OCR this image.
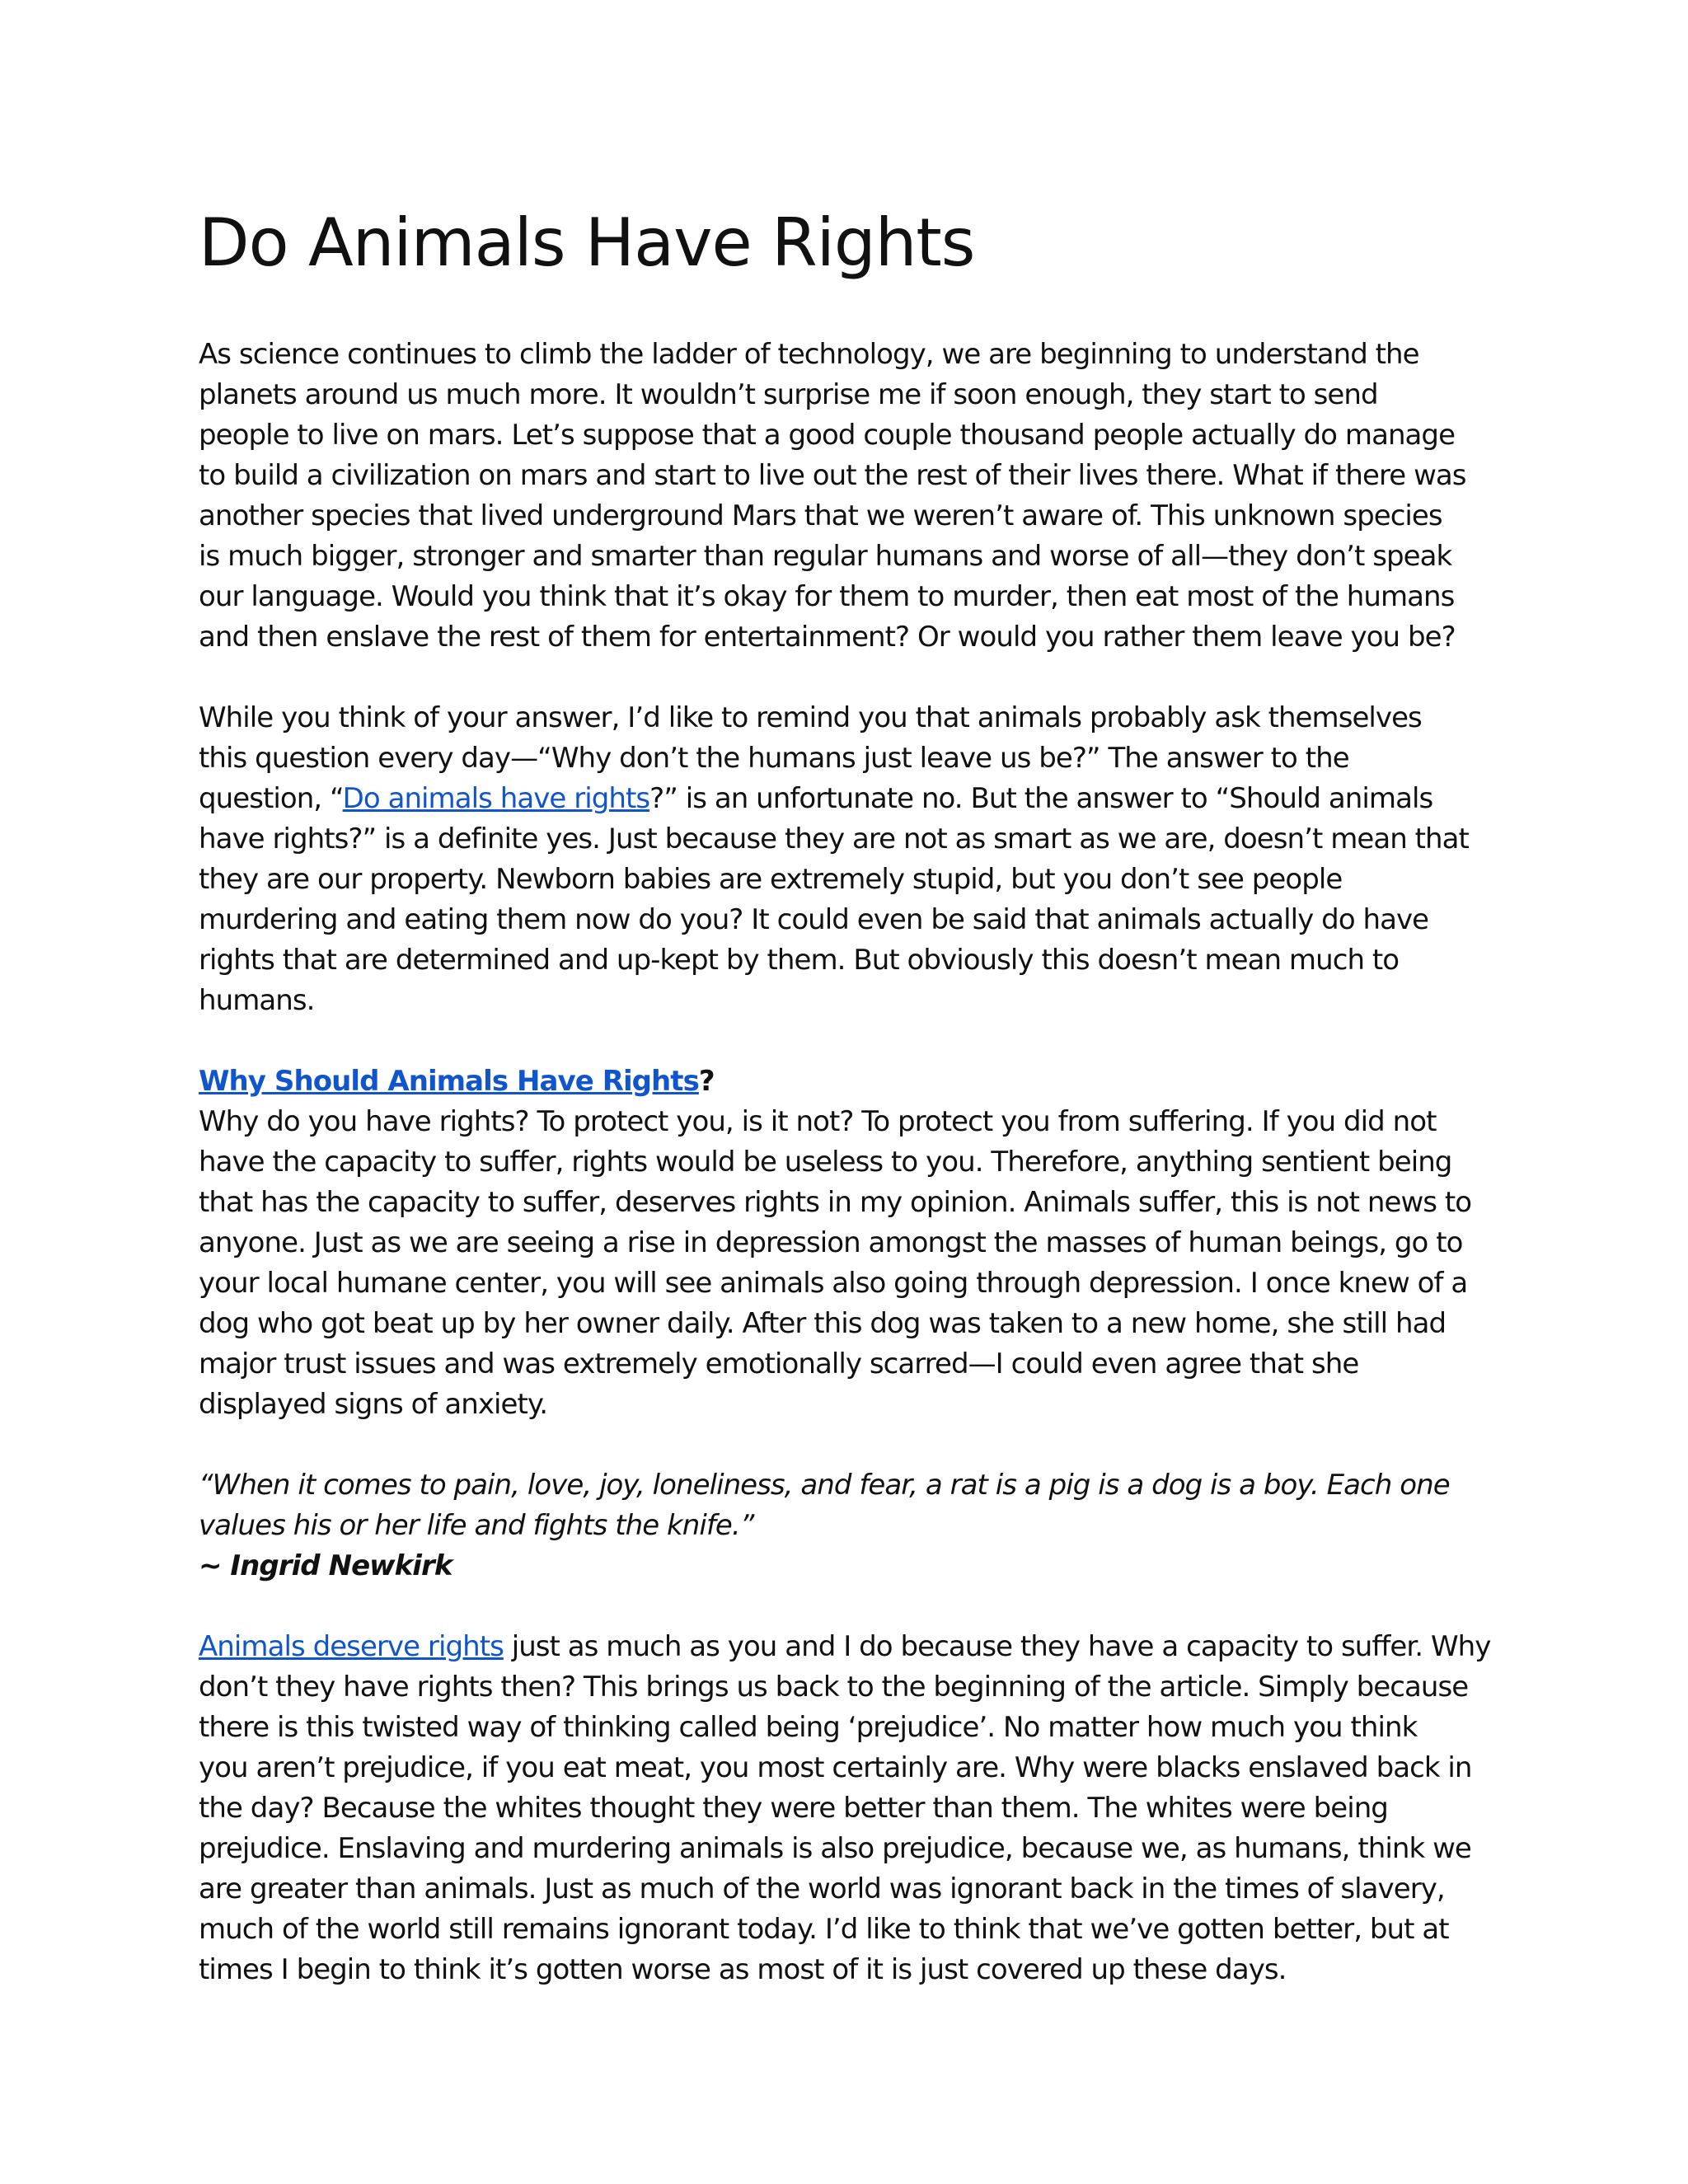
Do Animals Have Rights

As science continues to climb the ladder of technology, we are beginning to understand the
planets around us much more. It wouldn’t surprise me if soon enough, they start to send
people to live on mars. Let’s suppose that a good couple thousand people actually do manage
to build a civilization on mars and start to live out the rest of their lives there. What if there was
another species that lived underground Mars that we weren’t aware of. This unknown species
is much bigger, stronger and smarter than regular humans and worse of all—they don’t speak
our language. Would you think that it’s okay for them to murder, then eat most of the humans
and then enslave the rest of them for entertainment? Or would you rather them leave you be?

While you think of your answer, I’d like to remind you that animals probably ask themselves
this question every day—“Why don’t the humans just leave us be?” The answer to the
question, “Do animals have rights?” is an unfortunate no. But the answer to “Should animals
have rights?” is a definite yes. Just because they are not as smart as we are, doesn’t mean that
they are our property. Newborn babies are extremely stupid, but you don’t see people
murdering and eating them now do you? It could even be said that animals actually do have
rights that are determined and up-kept by them. But obviously this doesn’t mean much to
humans.

Why Should Animals Have Rights?
Why do you have rights? To protect you, is it not? To protect you from suffering. If you did not
have the capacity to suffer, rights would be useless to you. Therefore, anything sentient being
that has the capacity to suffer, deserves rights in my opinion. Animals suffer, this is not news to
anyone. Just as we are seeing a rise in depression amongst the masses of human beings, go to
your local humane center, you will see animals also going through depression. I once knew of a
dog who got beat up by her owner daily. After this dog was taken to a new home, she still had
major trust issues and was extremely emotionally scarred—I could even agree that she
displayed signs of anxiety.

“When it comes to pain, love, joy, loneliness, and fear, a rat is a pig is a dog is a boy. Each one
values his or her life and fights the knife.”
~ Ingrid Newkirk

Animals deserve rights just as much as you and I do because they have a capacity to suffer. Why
don’t they have rights then? This brings us back to the beginning of the article. Simply because
there is this twisted way of thinking called being ‘prejudice’. No matter how much you think
you aren’t prejudice, if you eat meat, you most certainly are. Why were blacks enslaved back in
the day? Because the whites thought they were better than them. The whites were being
prejudice. Enslaving and murdering animals is also prejudice, because we, as humans, think we
are greater than animals. Just as much of the world was ignorant back in the times of slavery,
much of the world still remains ignorant today. I’d like to think that we’ve gotten better, but at
times I begin to think it’s gotten worse as most of it is just covered up these days.
